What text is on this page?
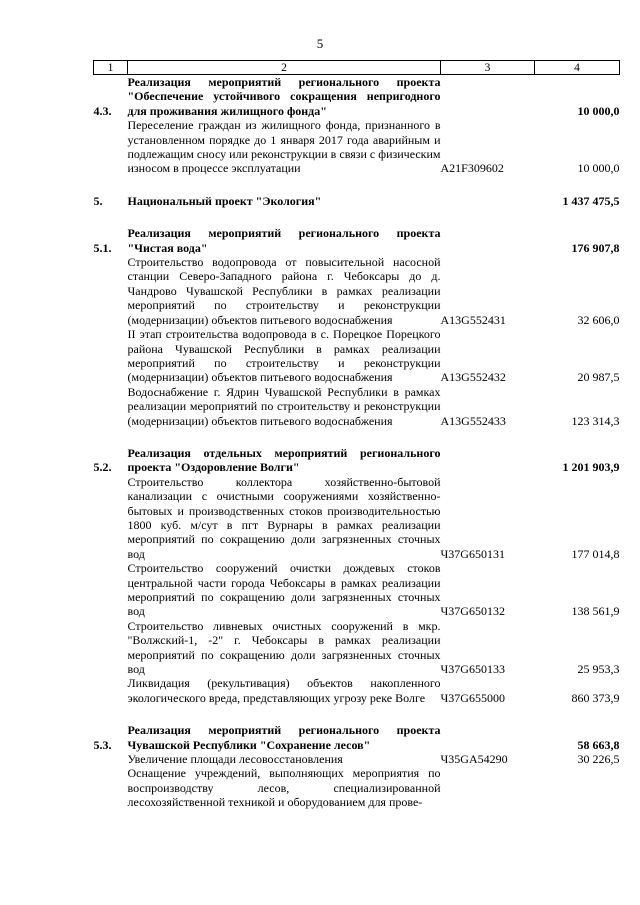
5
1	2	3	4
4.3.	Реализация мероприятий регионального проекта "Обеспечение устойчивого сокращения непригодного для проживания жилищного фонда"		10 000,0
	Переселение граждан из жилищного фонда, признанного в установленном порядке до 1 января 2017 года аварийным и подлежащим сносу или реконструкции в связи с физическим износом в процессе эксплуатации	A21F309602	10 000,0

5.	Национальный проект "Экология"		1 437 475,5

5.1.	Реализация мероприятий регионального проекта "Чистая вода"		176 907,8
	Строительство водопровода от повысительной насосной станции Северо-Западного района г. Чебоксары до д. Чандрово Чувашской Республики в рамках реализации мероприятий по строительству и реконструкции (модернизации) объектов питьевого водоснабжения	A13G552431	32 606,0
	II этап строительства водопровода в с. Порецкое Порецкого района Чувашской Республики в рамках реализации мероприятий по строительству и реконструкции (модернизации) объектов питьевого водоснабжения	A13G552432	20 987,5
	Водоснабжение г. Ядрин Чувашской Республики в рамках реализации мероприятий по строительству и реконструкции (модернизации) объектов питьевого водоснабжения	A13G552433	123 314,3

5.2.	Реализация отдельных мероприятий регионального проекта "Оздоровление Волги"		1 201 903,9
	Строительство коллектора хозяйственно-бытовой канализации с очистными сооружениями хозяйственно-бытовых и производственных стоков производительностью 1800 куб. м/сут в пгт Вурнары в рамках реализации мероприятий по сокращению доли загрязненных сточных вод	Ч37G650131	177 014,8
	Строительство сооружений очистки дождевых стоков центральной части города Чебоксары в рамках реализации мероприятий по сокращению доли загрязненных сточных вод	Ч37G650132	138 561,9
	Строительство ливневых очистных сооружений в мкр. "Волжский-1, -2" г. Чебоксары в рамках реализации мероприятий по сокращению доли загрязненных сточных вод	Ч37G650133	25 953,3
	Ликвидация (рекультивация) объектов накопленного экологического вреда, представляющих угрозу реке Волге	Ч37G655000	860 373,9

5.3.	Реализация мероприятий регионального проекта Чувашской Республики "Сохранение лесов"		58 663,8
	Увеличение площади лесовосстановления	Ч35GA54290	30 226,5
	Оснащение учреждений, выполняющих мероприятия по воспроизводству лесов, специализированной лесохозяйственной техникой и оборудованием для прове-		
